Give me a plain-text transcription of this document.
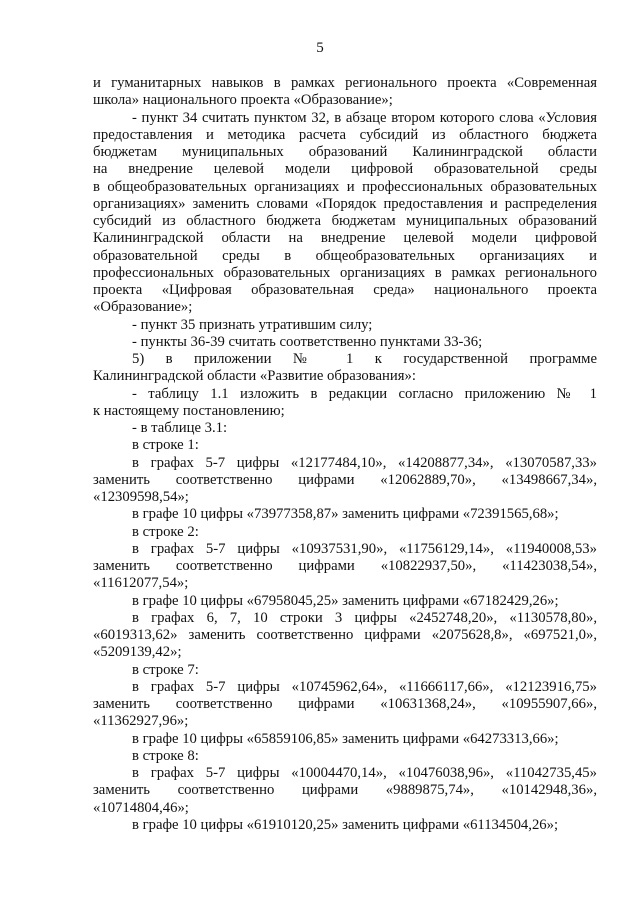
5

и гуманитарных навыков в рамках регионального проекта «Современная

школа» национального проекта «Образование»;

- пункт 34 считать пунктом 32, в абзаце втором которого слова «Условия

предоставления и методика расчета субсидий из областного бюджета

бюджетам муниципальных образований Калининградской области

на внедрение целевой модели цифровой образовательной среды

в общеобразовательных организациях и профессиональных образовательных

организациях» заменить словами «Порядок предоставления и распределения

субсидий из областного бюджета бюджетам муниципальных образований

Калининградской области на внедрение целевой модели цифровой

образовательной среды в общеобразовательных организациях и

профессиональных образовательных организациях в рамках регионального

проекта «Цифровая образовательная среда» национального проекта

«Образование»;

- пункт 35 признать утратившим силу;

- пункты 36-39 считать соответственно пунктами 33-36;

5) в приложении № 1 к государственной программе

Калининградской области «Развитие образования»:

- таблицу 1.1 изложить в редакции согласно приложению № 1

к настоящему постановлению;

- в таблице 3.1:

в строке 1:

в графах 5-7 цифры «12177484,10», «14208877,34», «13070587,33»

заменить соответственно цифрами «12062889,70», «13498667,34»,

«12309598,54»;

в графе 10 цифры «73977358,87» заменить цифрами «72391565,68»;

в строке 2:

в графах 5-7 цифры «10937531,90», «11756129,14», «11940008,53»

заменить соответственно цифрами «10822937,50», «11423038,54»,

«11612077,54»;

в графе 10 цифры «67958045,25» заменить цифрами «67182429,26»;

в графах 6, 7, 10 строки 3 цифры «2452748,20», «1130578,80»,

«6019313,62» заменить соответственно цифрами «2075628,8», «697521,0»,

«5209139,42»;

в строке 7:

в графах 5-7 цифры «10745962,64», «11666117,66», «12123916,75»

заменить соответственно цифрами «10631368,24», «10955907,66»,

«11362927,96»;

в графе 10 цифры «65859106,85» заменить цифрами «64273313,66»;

в строке 8:

в графах 5-7 цифры «10004470,14», «10476038,96», «11042735,45»

заменить соответственно цифрами «9889875,74», «10142948,36»,

«10714804,46»;

в графе 10 цифры «61910120,25» заменить цифрами «61134504,26»;
